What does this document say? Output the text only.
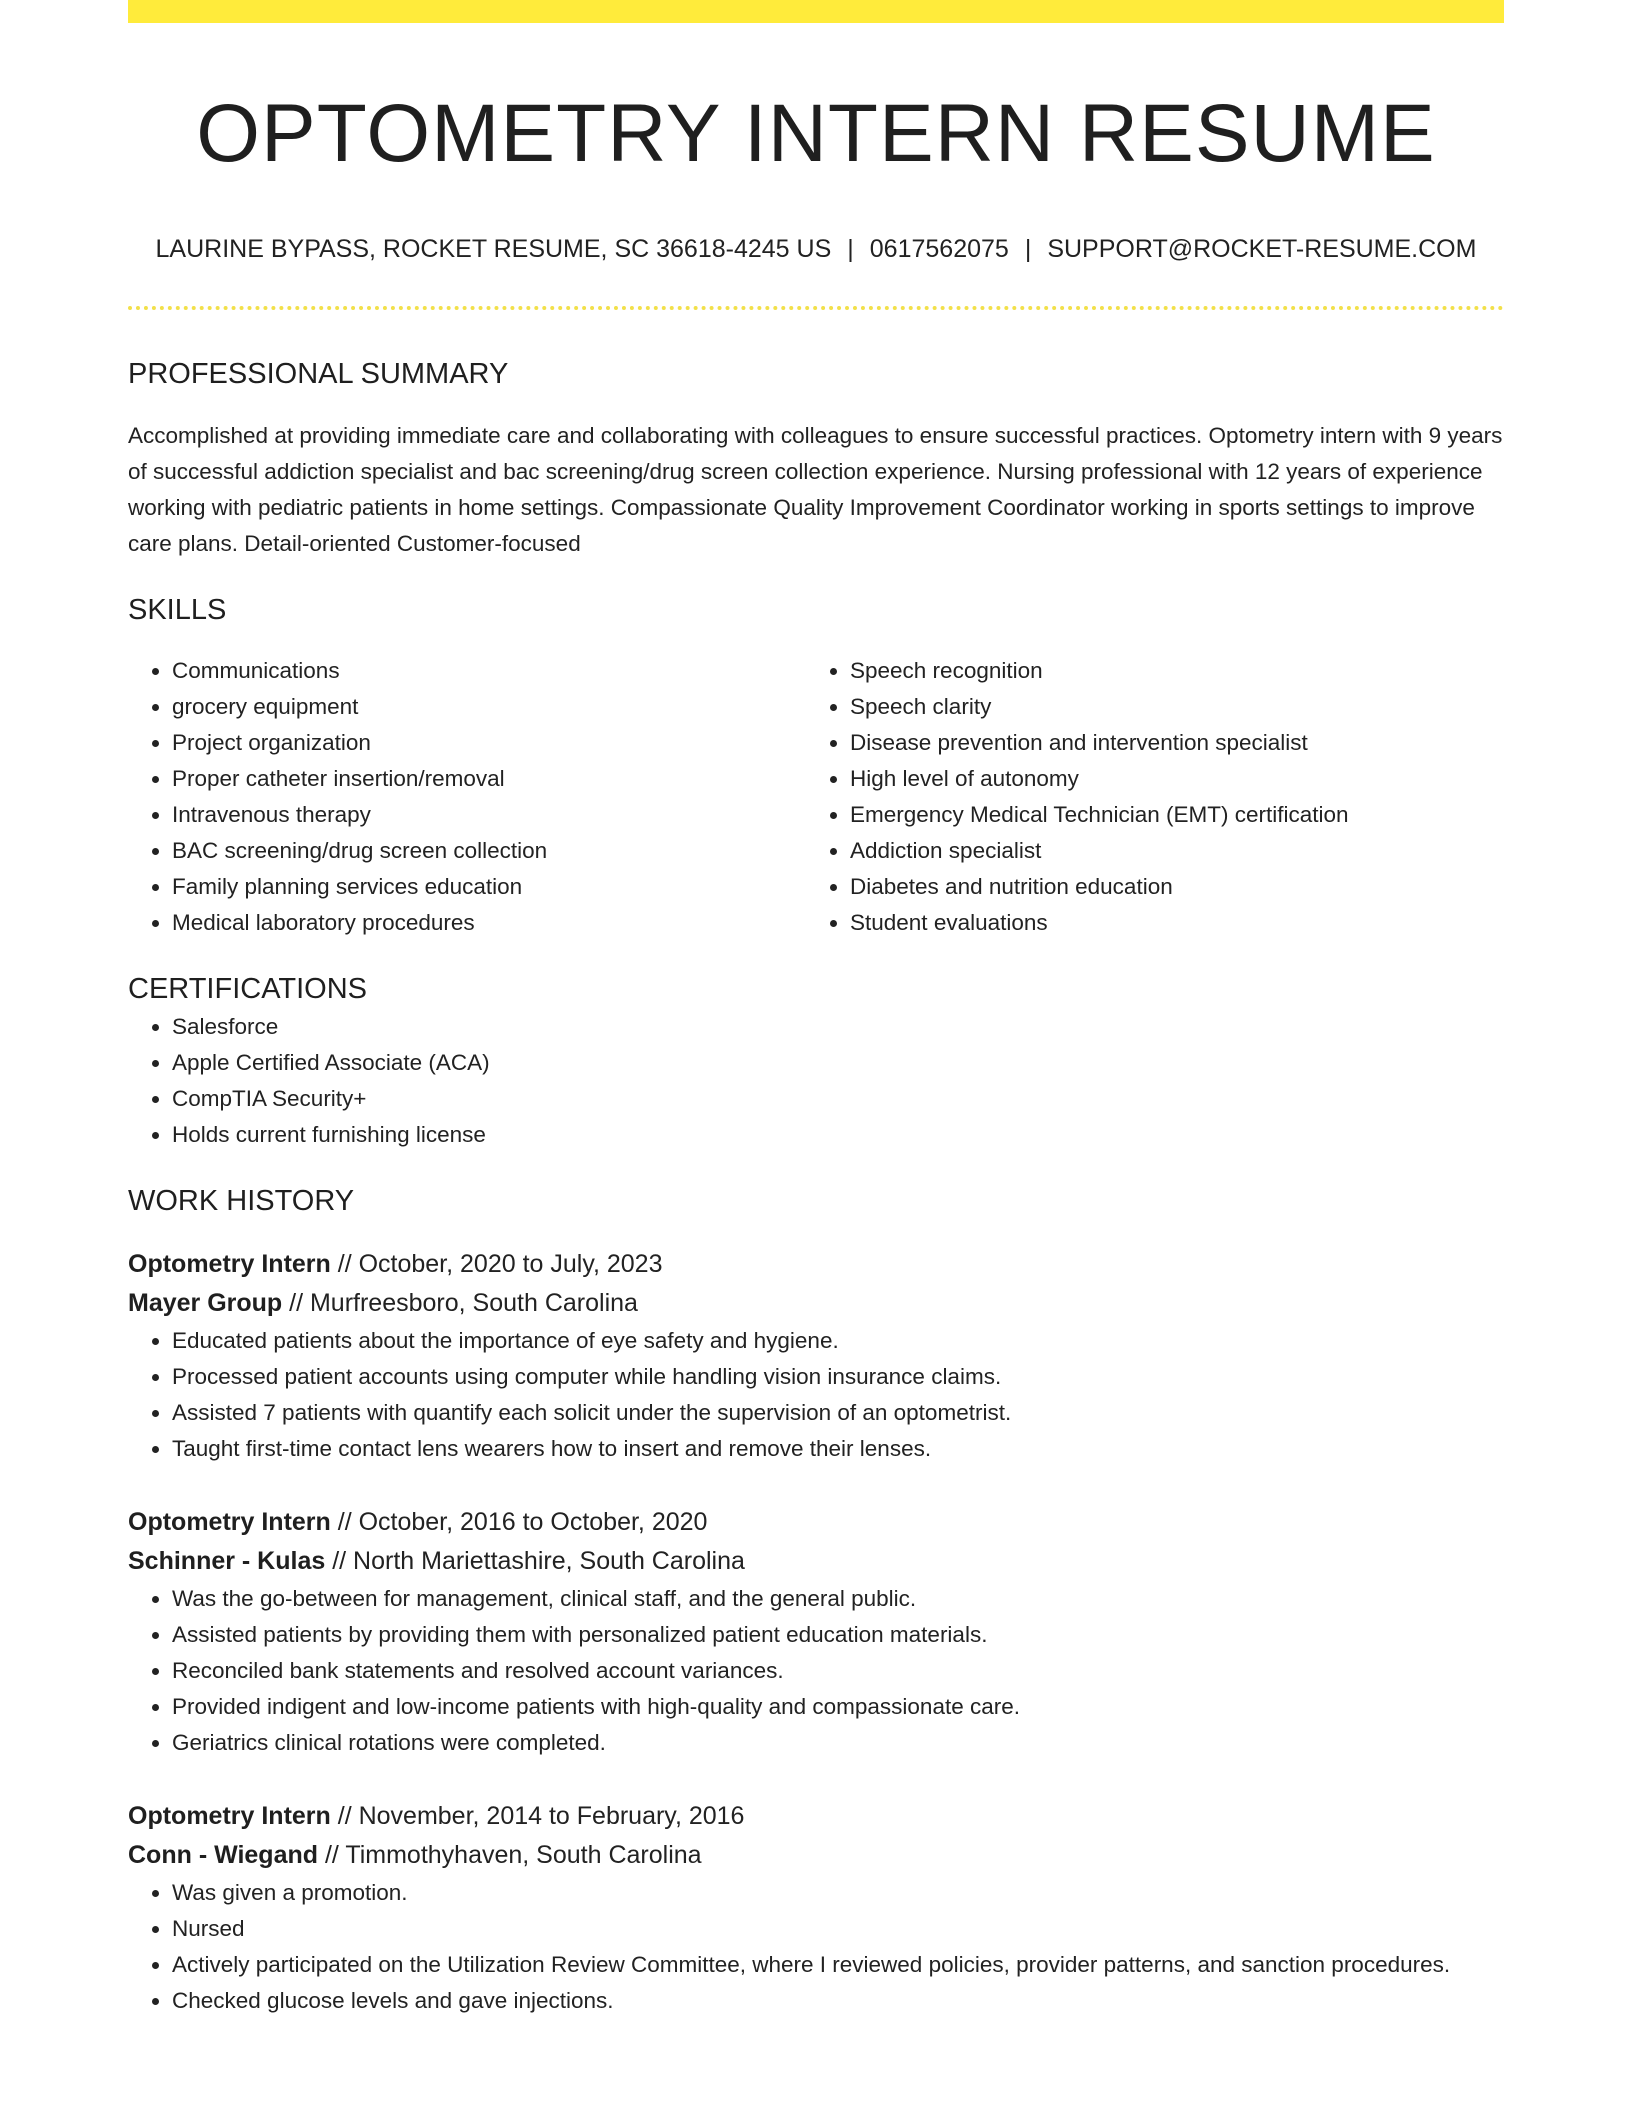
OPTOMETRY INTERN RESUME
LAURINE BYPASS, ROCKET RESUME, SC 36618-4245 US | 0617562075 | SUPPORT@ROCKET-RESUME.COM
PROFESSIONAL SUMMARY

Accomplished at providing immediate care and collaborating with colleagues to ensure successful practices. Optometry intern with 9 years of successful addiction specialist and bac screening/drug screen collection experience. Nursing professional with 12 years of experience working with pediatric patients in home settings. Compassionate Quality Improvement Coordinator working in sports settings to improve care plans. Detail-oriented Customer-focused

SKILLS
• Communications
• grocery equipment
• Project organization
• Proper catheter insertion/removal
• Intravenous therapy
• BAC screening/drug screen collection
• Family planning services education
• Medical laboratory procedures
• Speech recognition
• Speech clarity
• Disease prevention and intervention specialist
• High level of autonomy
• Emergency Medical Technician (EMT) certification
• Addiction specialist
• Diabetes and nutrition education
• Student evaluations
CERTIFICATIONS
• Salesforce
• Apple Certified Associate (ACA)
• CompTIA Security+
• Holds current furnishing license
WORK HISTORY
Optometry Intern // October, 2020 to July, 2023
Mayer Group // Murfreesboro, South Carolina
• Educated patients about the importance of eye safety and hygiene.
• Processed patient accounts using computer while handling vision insurance claims.
• Assisted 7 patients with quantify each solicit under the supervision of an optometrist.
• Taught first-time contact lens wearers how to insert and remove their lenses.
Optometry Intern // October, 2016 to October, 2020
Schinner - Kulas // North Mariettashire, South Carolina
• Was the go-between for management, clinical staff, and the general public.
• Assisted patients by providing them with personalized patient education materials.
• Reconciled bank statements and resolved account variances.
• Provided indigent and low-income patients with high-quality and compassionate care.
• Geriatrics clinical rotations were completed.
Optometry Intern // November, 2014 to February, 2016
Conn - Wiegand // Timmothyhaven, South Carolina
• Was given a promotion.
• Nursed
• Actively participated on the Utilization Review Committee, where I reviewed policies, provider patterns, and sanction procedures.
• Checked glucose levels and gave injections.
